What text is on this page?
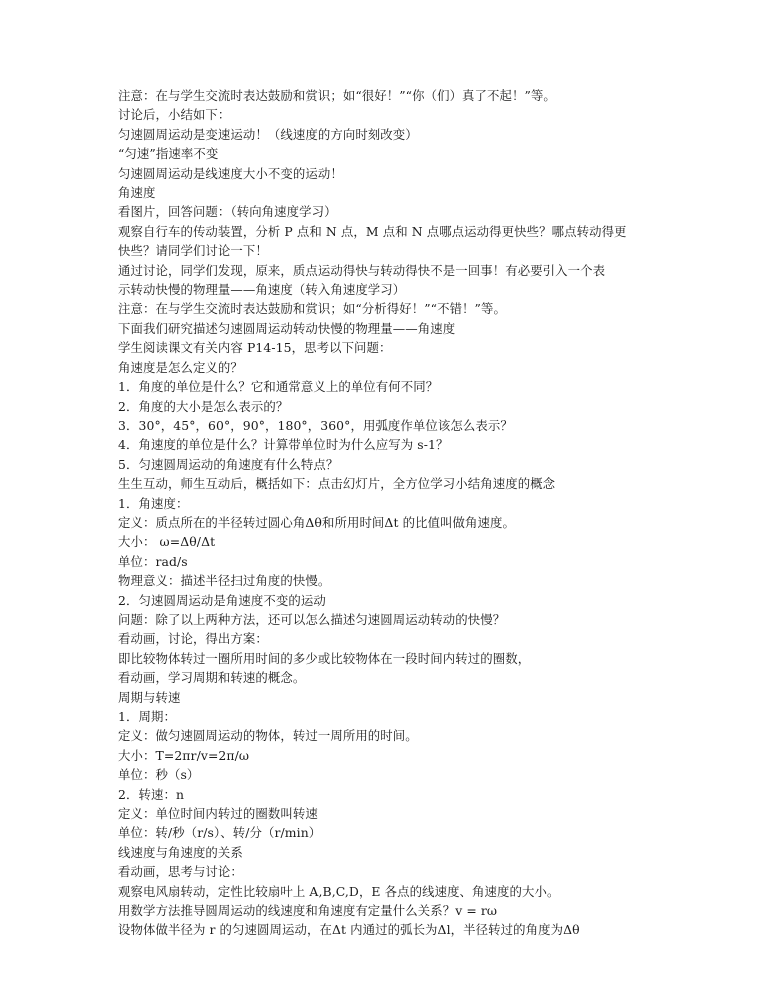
注意：在与学生交流时表达鼓励和赏识；如“很好！”“你（们）真了不起！”等。

讨论后，小结如下：

匀速圆周运动是变速运动！（线速度的方向时刻改变）

“匀速”指速率不变

匀速圆周运动是线速度大小不变的运动！

角速度

看图片，回答问题：（转向角速度学习）

观察自行车的传动装置，分析 P 点和 N 点，M 点和 N 点哪点运动得更快些？哪点转动得更

快些？请同学们讨论一下！

通过讨论，同学们发现，原来，质点运动得快与转动得快不是一回事！有必要引入一个表

示转动快慢的物理量——角速度（转入角速度学习）

注意：在与学生交流时表达鼓励和赏识；如“分析得好！”“不错！”等。

下面我们研究描述匀速圆周运动转动快慢的物理量——角速度

学生阅读课文有关内容 P14-15，思考以下问题：

角速度是怎么定义的？

1．角度的单位是什么？它和通常意义上的单位有何不同？

2．角度的大小是怎么表示的？

3．30°，45°，60°，90°，180°，360°，用弧度作单位该怎么表示？

4．角速度的单位是什么？计算带单位时为什么应写为 s-1？

5．匀速圆周运动的角速度有什么特点？

生生互动，师生互动后，概括如下：点击幻灯片，全方位学习小结角速度的概念

1．角速度：

定义：质点所在的半径转过圆心角Δθ和所用时间Δt 的比值叫做角速度。

大小： ω=Δθ/Δt

单位：rad/s

物理意义：描述半径扫过角度的快慢。

2．匀速圆周运动是角速度不变的运动

问题：除了以上两种方法，还可以怎么描述匀速圆周运动转动的快慢？

看动画，讨论，得出方案：

即比较物体转过一圈所用时间的多少或比较物体在一段时间内转过的圈数，

看动画，学习周期和转速的概念。

周期与转速

1．周期：

定义：做匀速圆周运动的物体，转过一周所用的时间。

大小：T=2πr/v=2π/ω

单位：秒（s）

2．转速：n

定义：单位时间内转过的圈数叫转速

单位：转/秒（r/s）、转/分（r/min）

线速度与角速度的关系

看动画，思考与讨论：

观察电风扇转动，定性比较扇叶上 A,B,C,D，E 各点的线速度、角速度的大小。

用数学方法推导圆周运动的线速度和角速度有定量什么关系？v = rω

设物体做半径为 r 的匀速圆周运动，在Δt 内通过的弧长为Δl，半径转过的角度为Δθ
